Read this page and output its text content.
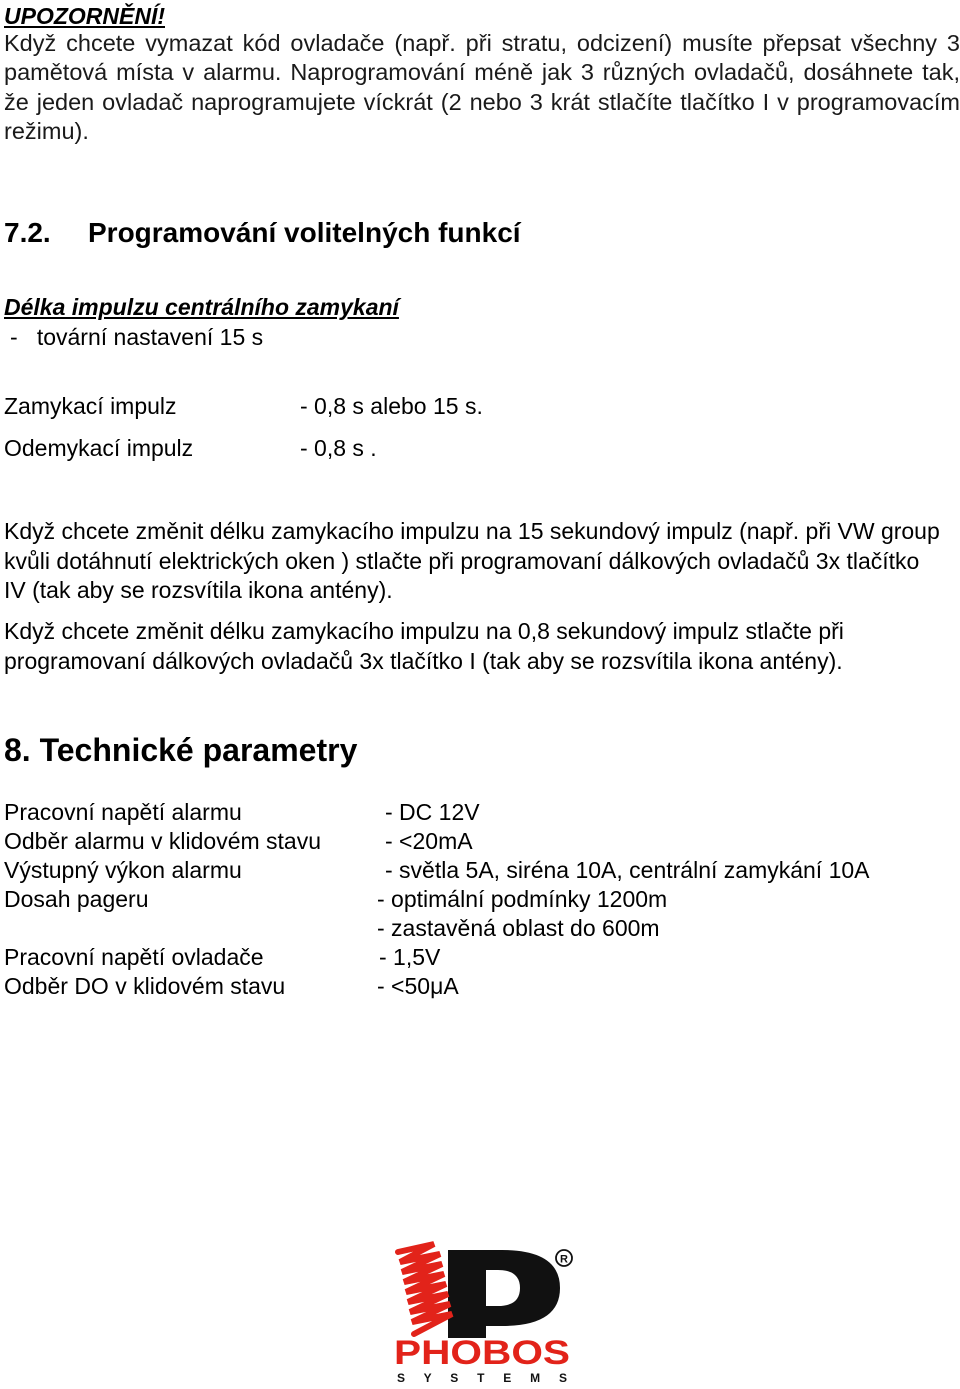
UPOZORNĚNÍ!

Když chcete vymazat kód ovladače (např. při stratu, odcizení) musíte přepsat všechny 3 pamětová místa v alarmu. Naprogramování méně jak 3 různých ovladačů, dosáhnete tak, že jeden ovladač naprogramujete víckrát (2 nebo 3 krát stlačíte tlačítko I v programovacím režimu).

7.2. Programování volitelných funkcí
Délka impulzu centrálního zamykaní
-   tovární nastavení 15 s
Zamykací impulz	- 0,8 s alebo 15 s.
Odemykací impulz	- 0,8 s .

Když chcete změnit délku zamykacího impulzu na 15 sekundový impulz (např. při VW group kvůli dotáhnutí elektrických oken ) stlačte při programovaní dálkových ovladačů 3x tlačítko IV (tak aby se rozsvítila ikona antény).

Když chcete změnit délku zamykacího impulzu na 0,8 sekundový impulz stlačte při programovaní dálkových ovladačů 3x tlačítko I (tak aby se rozsvítila ikona antény).

8. Technické parametry
Pracovní napětí alarmu	- DC 12V
Odběr alarmu v klidovém stavu	- <20mA
Výstupný výkon alarmu	- světla 5A, siréna 10A, centrální zamykání 10A
Dosah pageru	- optimální podmínky 1200m
- zastavěná oblast do 600m
Pracovní napětí ovladače	- 1,5V
Odběr DO v klidovém stavu	- <50μA
R
PHOBOS
S Y S T E M S
